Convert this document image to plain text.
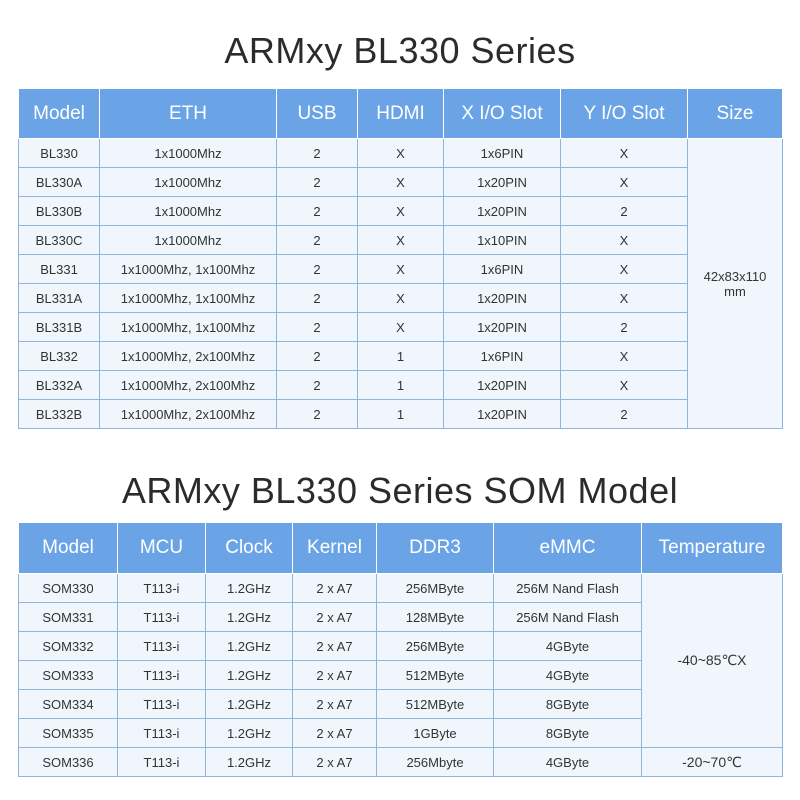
ARMxy BL330 Series
Model	ETH	USB	HDMI	X I/O Slot	Y I/O Slot	Size
BL330	1x1000Mhz	2	X	1x6PIN	X	42x83x110
mm
BL330A	1x1000Mhz	2	X	1x20PIN	X	
BL330B	1x1000Mhz	2	X	1x20PIN	2	
BL330C	1x1000Mhz	2	X	1x10PIN	X	
BL331	1x1000Mhz, 1x100Mhz	2	X	1x6PIN	X	
BL331A	1x1000Mhz, 1x100Mhz	2	X	1x20PIN	X	
BL331B	1x1000Mhz, 1x100Mhz	2	X	1x20PIN	2	
BL332	1x1000Mhz, 2x100Mhz	2	1	1x6PIN	X	
BL332A	1x1000Mhz, 2x100Mhz	2	1	1x20PIN	X	
BL332B	1x1000Mhz, 2x100Mhz	2	1	1x20PIN	2	
ARMxy BL330 Series SOM Model
Model	MCU	Clock	Kernel	DDR3	eMMC	Temperature
SOM330	T113-i	1.2GHz	2 x A7	256MByte	256M Nand Flash	-40~85℃X
SOM331	T113-i	1.2GHz	2 x A7	128MByte	256M Nand Flash	
SOM332	T113-i	1.2GHz	2 x A7	256MByte	4GByte	
SOM333	T113-i	1.2GHz	2 x A7	512MByte	4GByte	
SOM334	T113-i	1.2GHz	2 x A7	512MByte	8GByte	
SOM335	T113-i	1.2GHz	2 x A7	1GByte	8GByte	
SOM336	T113-i	1.2GHz	2 x A7	256Mbyte	4GByte	-20~70℃
